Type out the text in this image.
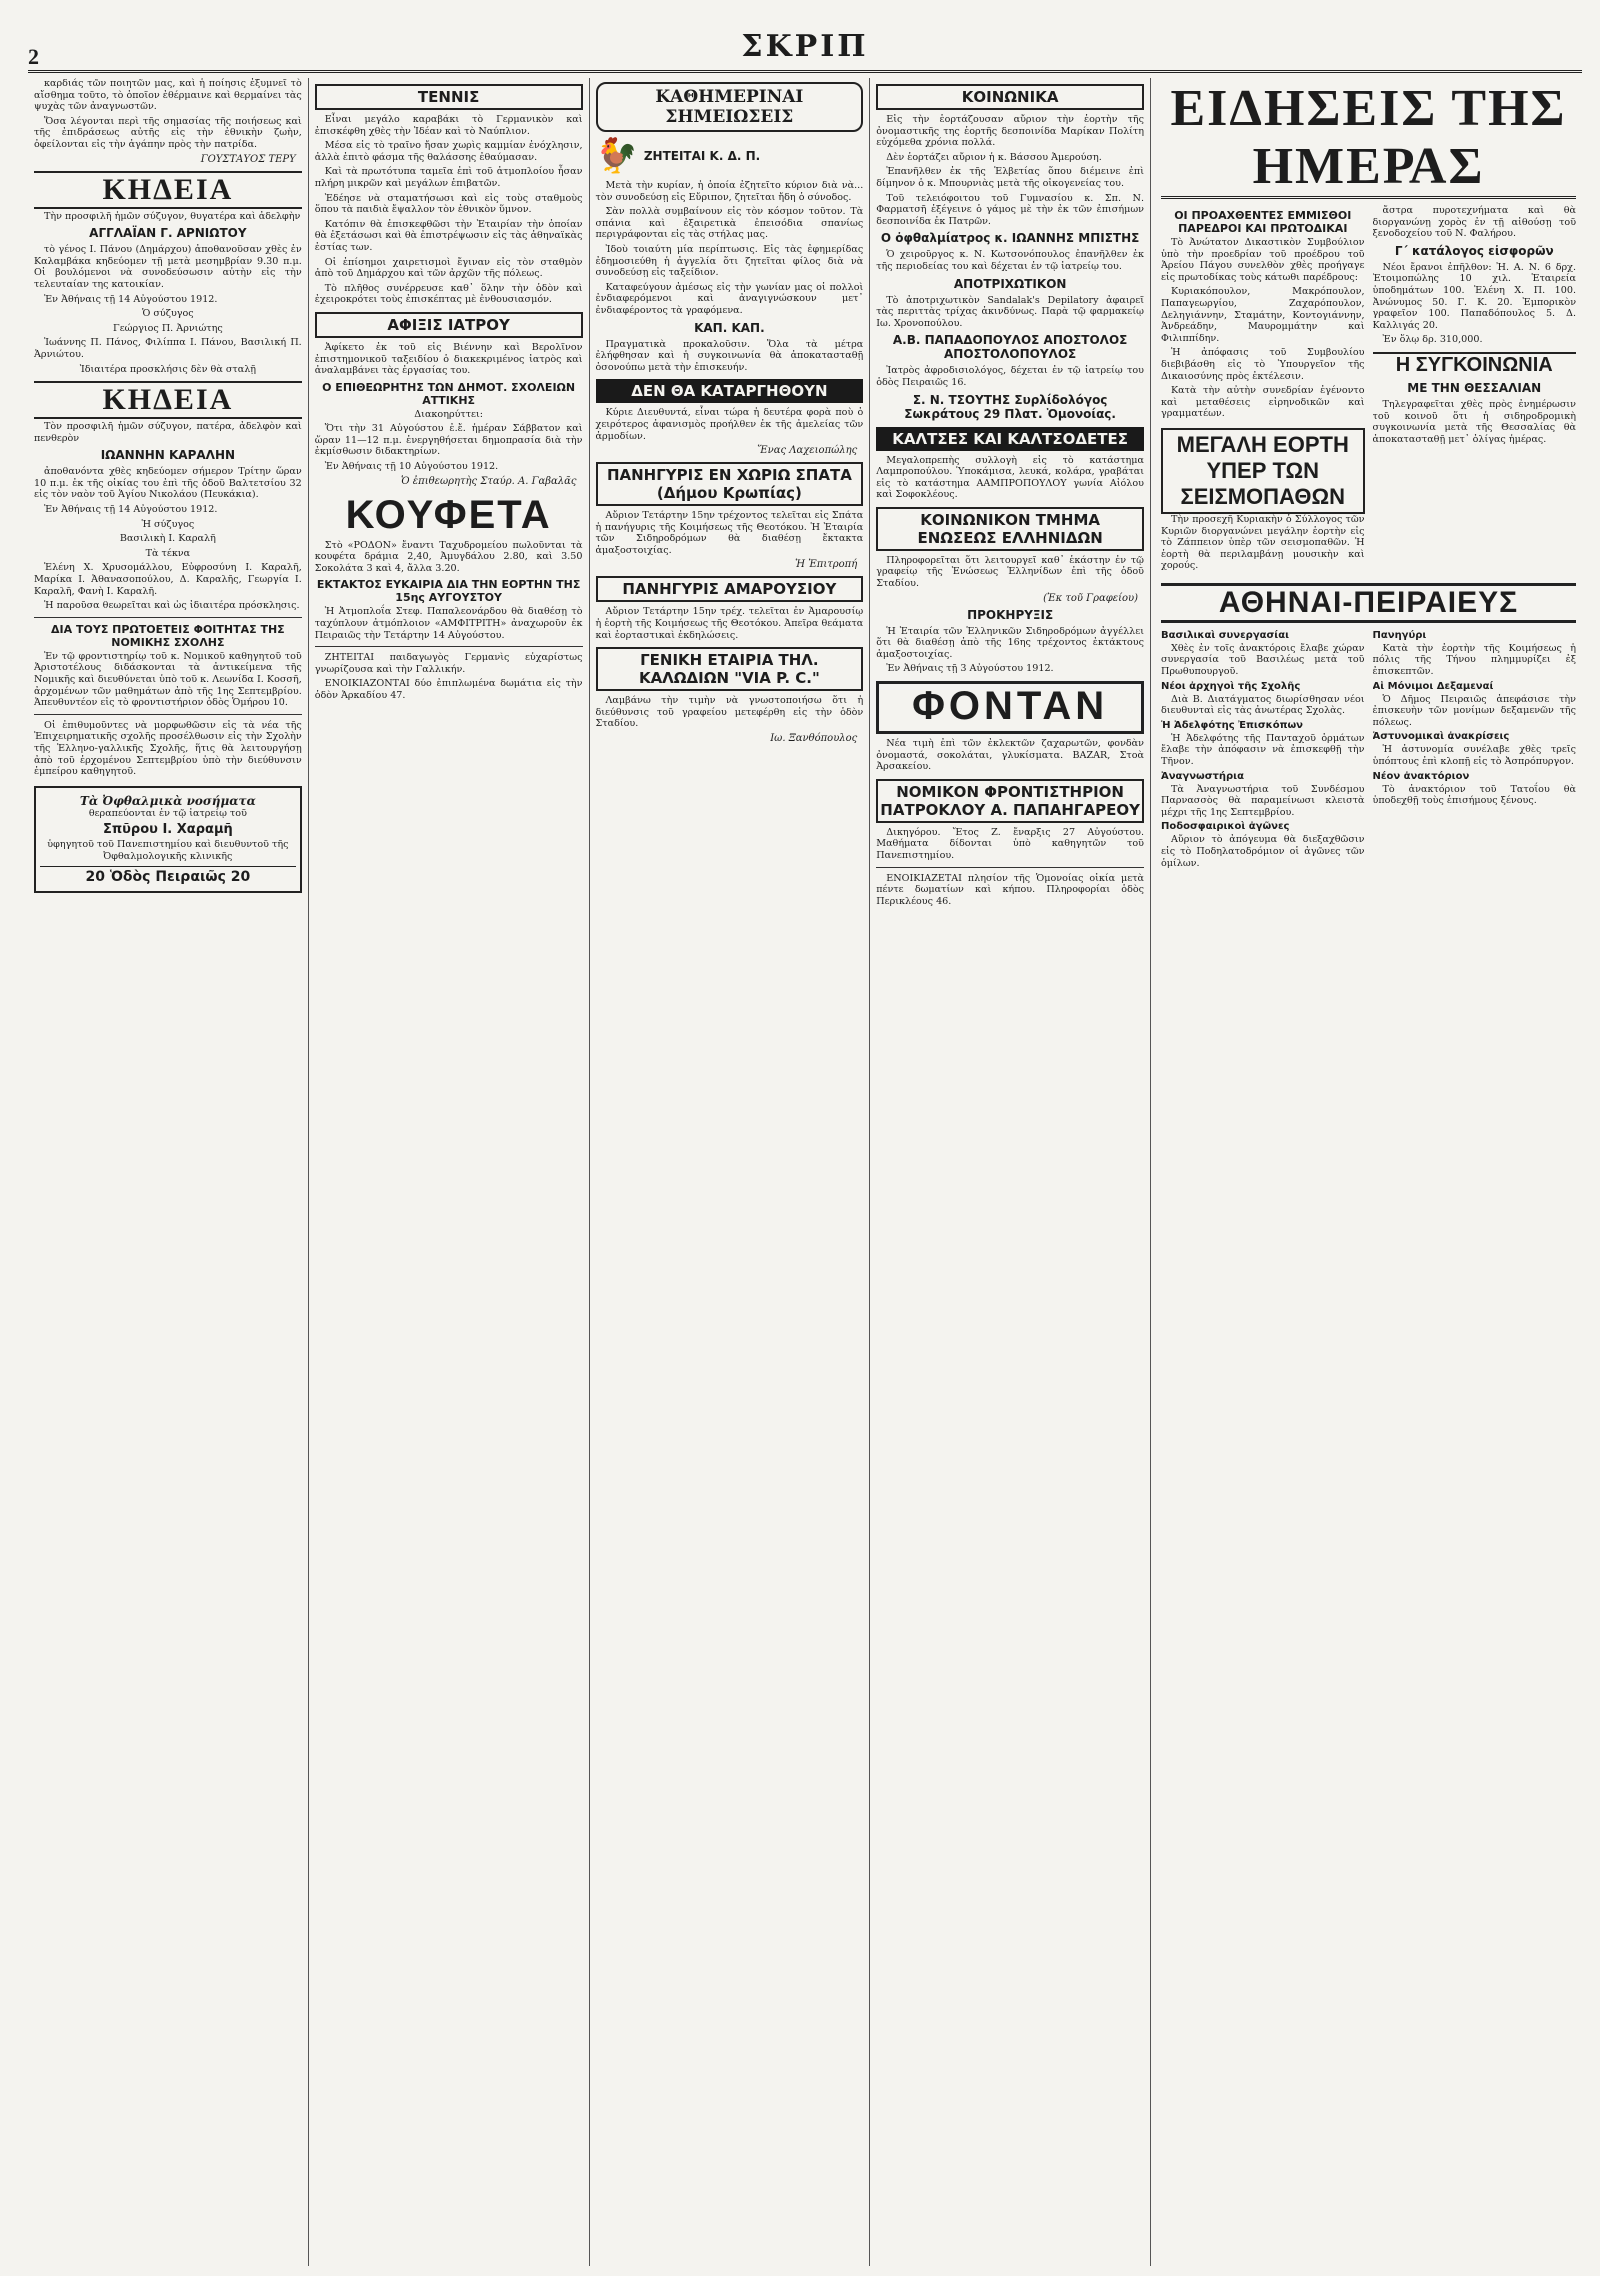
2	ΣΚΡΙΠ

καρδιάς τῶν ποιητῶν μας, καὶ ἡ ποίησις ἐξυμνεῖ τὸ αἴσθημα τοῦτο, τὸ ὁποῖον ἐθέρμαινε καὶ θερμαίνει τὰς ψυχὰς τῶν ἀναγνωστῶν.

Ὅσα λέγονται περὶ τῆς σημασίας τῆς ποιήσεως καὶ τῆς ἐπιδράσεως αὐτῆς εἰς τὴν ἐθνικὴν ζωὴν, ὀφείλονται εἰς τὴν ἀγάπην πρὸς τὴν πατρίδα.

ΓΟΥΣΤΑΥΟΣ ΤΕΡΥ
ΚΗΔΕΙΑ

Τὴν προσφιλῆ ἡμῶν σύζυγον, θυγατέρα καὶ ἀδελφὴν

ΑΓΓΛΑΪΑΝ Γ. ΑΡΝΙΩΤΟΥ

τὸ γένος Ι. Πάνου (Δημάρχου) ἀποθανοῦσαν χθὲς ἐν Καλαμβάκα κηδεύομεν τῇ μετὰ μεσημβρίαν 9.30 π.μ. Οἱ βουλόμενοι νὰ συνοδεύσωσιν αὐτὴν εἰς τὴν τελευταίαν της κατοικίαν.

Ἐν Ἀθήναις τῇ 14 Αὐγούστου 1912.

Ὁ σύζυγος

Γεώργιος Π. Ἀρνιώτης

Ἰωάννης Π. Πάνος, Φιλίππα Ι. Πάνου, Βασιλική Π. Ἀρνιώτου.

Ἰδιαιτέρα προσκλήσις δὲν θὰ σταλῇ

ΚΗΔΕΙΑ

Τὸν προσφιλῆ ἡμῶν σύζυγον, πατέρα, ἀδελφὸν καὶ πενθερὸν

ΙΩΑΝΝΗΝ ΚΑΡΑΛΗΝ

ἀποθανόντα χθὲς κηδεύομεν σήμερον Τρίτην ὥραν 10 π.μ. ἐκ τῆς οἰκίας του ἐπὶ τῆς ὁδοῦ Βαλτετσίου 32 εἰς τὸν ναὸν τοῦ Ἁγίου Νικολάου (Πευκάκια).

Ἐν Ἀθήναις τῇ 14 Αὐγούστου 1912.

Ἡ σύζυγος

Βασιλικὴ Ι. Καραλῆ

Τὰ τέκνα

Ἑλένη Χ. Χρυσομάλλου, Εὐφροσύνη Ι. Καραλῆ, Μαρίκα Ι. Ἀθανασοπούλου, Δ. Καραλῆς, Γεωργία Ι. Καραλῆ, Φανὴ Ι. Καραλῆ.

Ἡ παροῦσα θεωρεῖται καὶ ὡς ἰδιαιτέρα πρόσκλησις.

ΔΙΑ ΤΟΥΣ ΠΡΩΤΟΕΤΕΙΣ ΦΟΙΤΗΤΑΣ ΤΗΣ ΝΟΜΙΚΗΣ ΣΧΟΛΗΣ

Ἐν τῷ φροντιστηρίῳ τοῦ κ. Νομικοῦ καθηγητοῦ τοῦ Ἀριστοτέλους διδάσκονται τὰ ἀντικείμενα τῆς Νομικῆς καὶ διευθύνεται ὑπὸ τοῦ κ. Λεωνίδα Ι. Κοσσῆ, ἀρχομένων τῶν μαθημάτων ἀπὸ τῆς 1ης Σεπτεμβρίου. Ἀπευθυντέον εἰς τὸ φροντιστήριον ὁδὸς Ὁμήρου 10.

Οἱ ἐπιθυμοῦντες νὰ μορφωθῶσιν εἰς τὰ νέα τῆς Ἐπιχειρηματικῆς σχολῆς προσέλθωσιν εἰς τὴν Σχολὴν τῆς Ἑλληνο-γαλλικῆς Σχολῆς, ἥτις θὰ λειτουργήσῃ ἀπὸ τοῦ ἐρχομένου Σεπτεμβρίου ὑπὸ τὴν διεύθυνσιν ἐμπείρου καθηγητοῦ.

Τὰ Ὀφθαλμικὰ νοσήματα

θεραπεύονται ἐν τῷ ἰατρείῳ τοῦ

Σπῦρου Ι. Χαραμῆ

ὑφηγητοῦ τοῦ Πανεπιστημίου καὶ διευθυντοῦ τῆς Ὀφθαλμολογικῆς κλινικῆς

20 Ὁδὸς Πειραιῶς 20
ΤΕΝΝΙΣ

Εἶναι μεγάλο καραβάκι τὸ Γερμανικὸν καὶ ἐπισκέφθη χθὲς τὴν Ἰδέαν καὶ τὸ Ναύπλιον.

Μέσα εἰς τὸ τραῖνο ἤσαν χωρὶς καμμίαν ἐνόχλησιν, ἀλλὰ ἐπιτὸ φάσμα τῆς θαλάσσης ἐθαύμασαν.

Καὶ τὰ πρωτότυπα ταμεῖα ἐπὶ τοῦ ἀτμοπλοίου ἦσαν πλήρη μικρῶν καὶ μεγάλων ἐπιβατῶν.

Ἐδέησε νὰ σταματήσωσι καὶ εἰς τοὺς σταθμοὺς ὅπου τὰ παιδιὰ ἔψαλλον τὸν ἐθνικὸν ὕμνον.

Κατόπιν θὰ ἐπισκεφθῶσι τὴν Ἐταιρίαν τὴν ὁποίαν θὰ ἐξετάσωσι καὶ θὰ ἐπιστρέψωσιν εἰς τὰς ἀθηναϊκὰς ἑστίας των.

Οἱ ἐπίσημοι χαιρετισμοὶ ἔγιναν εἰς τὸν σταθμὸν ἀπὸ τοῦ Δημάρχου καὶ τῶν ἀρχῶν τῆς πόλεως.

Τὸ πλῆθος συνέρρευσε καθ᾽ ὅλην τὴν ὁδὸν καὶ ἐχειροκρότει τοὺς ἐπισκέπτας μὲ ἐνθουσιασμόν.

ΑΦΙΞΙΣ ΙΑΤΡΟΥ

Ἀφίκετο ἐκ τοῦ εἰς Βιέννην καὶ Βερολῖνον ἐπιστημονικοῦ ταξειδίου ὁ διακεκριμένος ἰατρὸς καὶ ἀναλαμβάνει τὰς ἐργασίας του.

Ο ΕΠΙΘΕΩΡΗΤΗΣ ΤΩΝ ΔΗΜΟΤ. ΣΧΟΛΕΙΩΝ ΑΤΤΙΚΗΣ

Διακοηρύττει:

Ὅτι τὴν 31 Αὐγούστου ἐ.ἔ. ἡμέραν Σάββατον καὶ ὥραν 11—12 π.μ. ἐνεργηθήσεται δημοπρασία διὰ τὴν ἐκμίσθωσιν διδακτηρίων.

Ἐν Ἀθήναις τῇ 10 Αὐγούστου 1912.

Ὁ ἐπιθεωρητὴς Σταύρ. Α. Γαβαλᾶς
ΚΟΥΦΕΤΑ

Στὸ «ΡΟΔΟΝ» ἔναντι Ταχυδρομείου πωλοῦνται τὰ κουφέτα δράμια 2,40, Ἀμυγδάλου 2.80, καὶ 3.50 Σοκολάτα 3 καὶ 4, ἄλλα 3.20.

ΕΚΤΑΚΤΟΣ ΕΥΚΑΙΡΙΑ ΔΙΑ ΤΗΝ ΕΟΡΤΗΝ ΤΗΣ 15ης ΑΥΓΟΥΣΤΟΥ

Ἡ Ἀτμοπλοΐα Στεφ. Παπαλεονάρδου θὰ διαθέσῃ τὸ ταχύπλουν ἀτμόπλοιον «ΑΜΦΙΤΡΙΤΗ» ἀναχωροῦν ἐκ Πειραιῶς τὴν Τετάρτην 14 Αὐγούστου.

ΖΗΤΕΙΤΑΙ παιδαγωγὸς Γερμανὶς εὐχαρίστως γνωρίζουσα καὶ τὴν Γαλλικήν.

ΕΝΟΙΚΙΑΖΟΝΤΑΙ δύο ἐπιπλωμένα δωμάτια εἰς τὴν ὁδὸν Ἀρκαδίου 47.

ΚΑΘΗΜΕΡΙΝΑΙ ΣΗΜΕΙΩΣΕΙΣ
🐓 ΖΗΤΕΙΤΑΙ Κ. Δ. Π.

Μετὰ τὴν κυρίαν, ἡ ὁποία ἐζητεῖτο κύριον διὰ νὰ... τὸν συνοδεύσῃ εἰς Εὔριπον, ζητεῖται ἤδη ὁ σύνοδος.

Σὰν πολλὰ συμβαίνουν εἰς τὸν κόσμον τοῦτον. Τὰ σπάνια καὶ ἐξαιρετικὰ ἐπεισόδια σπανίως περιγράφονται εἰς τὰς στήλας μας.

Ἰδοὺ τοιαύτη μία περίπτωσις. Εἰς τὰς ἐφημερίδας ἐδημοσιεύθη ἡ ἀγγελία ὅτι ζητεῖται φίλος διὰ νὰ συνοδεύσῃ εἰς ταξείδιον.

Καταφεύγουν ἀμέσως εἰς τὴν γωνίαν μας οἱ πολλοὶ ἐνδιαφερόμενοι καὶ ἀναγιγνώσκουν μετ᾽ ἐνδιαφέροντος τὰ γραφόμενα.

ΚΑΠ. ΚΑΠ.

Πραγματικὰ προκαλοῦσιν. Ὅλα τὰ μέτρα ἐλήφθησαν καὶ ἡ συγκοινωνία θὰ ἀποκατασταθῇ ὁσονούπω μετὰ τὴν ἐπισκευήν.

ΔΕΝ ΘΑ ΚΑΤΑΡΓΗΘΟΥΝ

Κύριε Διευθυντά, εἶναι τώρα ἡ δευτέρα φορὰ ποὺ ὁ χειρότερος ἀφανισμὸς προήλθεν ἐκ τῆς ἀμελείας τῶν ἁρμοδίων.

Ἕνας Λαχειοπώλης
ΠΑΝΗΓΥΡΙΣ ΕΝ ΧΩΡΙΩ ΣΠΑΤΑ (Δήμου Κρωπίας)

Αὔριον Τετάρτην 15ην τρέχοντος τελεῖται εἰς Σπάτα ἡ πανήγυρις τῆς Κοιμήσεως τῆς Θεοτόκου. Ἡ Ἐταιρία τῶν Σιδηροδρόμων θὰ διαθέσῃ ἔκτακτα ἁμαξοστοιχίας.

Ἡ Ἐπιτροπή
ΠΑΝΗΓΥΡΙΣ ΑΜΑΡΟΥΣΙΟΥ

Αὔριον Τετάρτην 15ην τρέχ. τελεῖται ἐν Ἀμαρουσίῳ ἡ ἑορτὴ τῆς Κοιμήσεως τῆς Θεοτόκου. Ἀπεῖρα θεάματα καὶ ἑορταστικαὶ ἐκδηλώσεις.

ΓΕΝΙΚΗ ΕΤΑΙΡΙΑ ΤΗΛ. ΚΑΛΩΔΙΩΝ "VIA P. C."

Λαμβάνω τὴν τιμὴν νὰ γνωστοποιήσω ὅτι ἡ διεύθυνσις τοῦ γραφείου μετεφέρθη εἰς τὴν ὁδὸν Σταδίου.

Ιω. Ξανθόπουλος
ΚΟΙΝΩΝΙΚΑ

Εἰς τὴν ἑορτάζουσαν αὔριον τὴν ἑορτὴν τῆς ὀνομαστικῆς της ἑορτῆς δεσποινίδα Μαρίκαν Πολίτη εὐχόμεθα χρόνια πολλά.

Δὲν ἑορτάζει αὔριον ἡ κ. Βάσσου Ἀμερούση.

Ἐπανῆλθεν ἐκ τῆς Ἑλβετίας ὅπου διέμεινε ἐπὶ δίμηνον ὁ κ. Μπουρνιὰς μετὰ τῆς οἰκογενείας του.

Τοῦ τελειόφοιτου τοῦ Γυμνασίου κ. Σπ. Ν. Φαρματσῆ ἐξέγεινε ὁ γάμος μὲ τὴν ἐκ τῶν ἐπισήμων δεσποινίδα ἐκ Πατρῶν.

Ο ὀφθαλμίατρος κ. ΙΩΑΝΝΗΣ ΜΠΙΣΤΗΣ

Ὁ χειροῦργος κ. Ν. Κωτσονόπουλος ἐπανῆλθεν ἐκ τῆς περιοδείας του καὶ δέχεται ἐν τῷ ἰατρείῳ του.

ΑΠΟΤΡΙΧΩΤΙΚΟΝ

Τὸ ἀποτριχωτικὸν Sandalak's Depilatory ἀφαιρεῖ τὰς περιττὰς τρίχας ἀκινδύνως. Παρὰ τῷ φαρμακείῳ Ιω. Χρονοπούλου.

Α.Β. ΠΑΠΑΔΟΠΟΥΛΟΣ ΑΠΟΣΤΟΛΟΣ ΑΠΟΣΤΟΛΟΠΟΥΛΟΣ

Ἰατρὸς ἀφροδισιολόγος, δέχεται ἐν τῷ ἰατρείῳ του ὁδὸς Πειραιῶς 16.

Σ. Ν. ΤΣΟΥΤΗΣ Συρλίδολόγος Σωκράτους 29 Πλατ. Ὁμονοίας.
ΚΑΛΤΣΕΣ ΚΑΙ ΚΑΛΤΣΟΔΕΤΕΣ

Μεγαλοπρεπὴς συλλογὴ εἰς τὸ κατάστημα Λαμπροπούλου. Ὑποκάμισα, λευκά, κολάρα, γραβάται εἰς τὸ κατάστημα ΑΑΜΠΡΟΠΟΥΛΟΥ γωνία Αἰόλου καὶ Σοφοκλέους.

ΚΟΙΝΩΝΙΚΟΝ ΤΜΗΜΑ ΕΝΩΣΕΩΣ ΕΛΛΗΝΙΔΩΝ

Πληροφορεῖται ὅτι λειτουργεῖ καθ᾽ ἑκάστην ἐν τῷ γραφείῳ τῆς Ἑνώσεως Ἑλληνίδων ἐπὶ τῆς ὁδοῦ Σταδίου.

(Ἐκ τοῦ Γραφείου)
ΠΡΟΚΗΡΥΞΙΣ

Ἡ Ἑταιρία τῶν Ἑλληνικῶν Σιδηροδρόμων ἀγγέλλει ὅτι θὰ διαθέσῃ ἀπὸ τῆς 16ης τρέχοντος ἐκτάκτους ἁμαξοστοιχίας.

Ἐν Ἀθήναις τῇ 3 Αὐγούστου 1912.

ΦΟΝΤΑΝ

Νέα τιμὴ ἐπὶ τῶν ἐκλεκτῶν ζαχαρωτῶν, φονδὰν ὀνομαστά, σοκολάται, γλυκίσματα. BAZAR, Στοὰ Ἀρσακείου.

ΝΟΜΙΚΟΝ ΦΡΟΝΤΙΣΤΗΡΙΟΝ ΠΑΤΡΟΚΛΟΥ Α. ΠΑΠΑΗΓΑΡΕΟΥ

Δικηγόρου. Ἔτος Ζ. ἔναρξις 27 Αὐγούστου. Μαθήματα δίδονται ὑπὸ καθηγητῶν τοῦ Πανεπιστημίου.

ΕΝΟΙΚΙΑΖΕΤΑΙ πλησίον τῆς Ὁμονοίας οἰκία μετὰ πέντε δωματίων καὶ κήπου. Πληροφορίαι ὁδὸς Περικλέους 46.

ΕΙΔΗΣΕΙΣ ΤΗΣ ΗΜΕΡΑΣ
ΟΙ ΠΡΟΑΧΘΕΝΤΕΣ ΕΜΜΙΣΘΟΙ ΠΑΡΕΔΡΟΙ ΚΑΙ ΠΡΩΤΟΔΙΚΑΙ

Τὸ Ἀνώτατον Δικαστικὸν Συμβούλιον ὑπὸ τὴν προεδρίαν τοῦ προέδρου τοῦ Ἀρείου Πάγου συνελθὸν χθὲς προήγαγε εἰς πρωτοδίκας τοὺς κάτωθι παρέδρους:

Κυριακόπουλον, Μακρόπουλον, Παπαγεωργίου, Ζαχαρόπουλον, Δεληγιάννην, Σταμάτην, Κοντογιάννην, Ἀνδρεάδην, Μαυρομμάτην καὶ Φιλιππίδην.

Ἡ ἀπόφασις τοῦ Συμβουλίου διεβιβάσθη εἰς τὸ Ὑπουργεῖον τῆς Δικαιοσύνης πρὸς ἐκτέλεσιν.

Κατὰ τὴν αὐτὴν συνεδρίαν ἐγένοντο καὶ μεταθέσεις εἰρηνοδικῶν καὶ γραμματέων.

ΜΕΓΑΛΗ ΕΟΡΤΗ ΥΠΕΡ ΤΩΝ ΣΕΙΣΜΟΠΑΘΩΝ

Τὴν προσεχῆ Κυριακὴν ὁ Σύλλογος τῶν Κυριῶν διοργανώνει μεγάλην ἑορτὴν εἰς τὸ Ζάππειον ὑπὲρ τῶν σεισμοπαθῶν. Ἡ ἑορτὴ θὰ περιλαμβάνῃ μουσικὴν καὶ χορούς.

ἄστρα πυροτεχνήματα καὶ θὰ διοργανώνῃ χορὸς ἐν τῇ αἰθούσῃ τοῦ ξενοδοχείου τοῦ Ν. Φαλήρου.

Γ΄ κατάλογος εἰσφορῶν

Νέοι ἔρανοι ἐπῆλθον: Ἠ. Α. Ν. 6 δρχ. Ἐτοιμοπώλης 10 χιλ. Ἑταιρεία ὑποδημάτων 100. Ἐλένη Χ. Π. 100. Ἀνώνυμος 50. Γ. Κ. 20. Ἐμπορικὸν γραφεῖον 100. Παπαδόπουλος 5. Δ. Καλλιγάς 20.

Ἐν ὅλῳ δρ. 310,000.

Η ΣΥΓΚΟΙΝΩΝΙΑ
ΜΕ ΤΗΝ ΘΕΣΣΑΛΙΑΝ

Τηλεγραφεῖται χθὲς πρὸς ἐνημέρωσιν τοῦ κοινοῦ ὅτι ἡ σιδηροδρομικὴ συγκοινωνία μετὰ τῆς Θεσσαλίας θὰ ἀποκατασταθῇ μετ᾽ ὀλίγας ἡμέρας.

ΑΘΗΝΑΙ-ΠΕΙΡΑΙΕΥΣ
Βασιλικαὶ συνεργασίαι

Χθὲς ἐν τοῖς ἀνακτόροις ἔλαβε χώραν συνεργασία τοῦ Βασιλέως μετὰ τοῦ Πρωθυπουργοῦ.

Νέοι ἀρχηγοὶ τῆς Σχολῆς

Διὰ Β. Διατάγματος διωρίσθησαν νέοι διευθυνταὶ εἰς τὰς ἀνωτέρας Σχολὰς.

Ἡ Ἀδελφότης Ἐπισκόπων

Ἡ Ἀδελφότης τῆς Πανταχοῦ ὁρμάτων ἔλαβε τὴν ἀπόφασιν νὰ ἐπισκεφθῇ τὴν Τῆνον.

Ἀναγνωστήρια

Τὰ Ἀναγνωστήρια τοῦ Συνδέσμου Παρνασσὸς θὰ παραμείνωσι κλειστὰ μέχρι τῆς 1ης Σεπτεμβρίου.

Ποδοσφαιρικοὶ ἀγῶνες

Αὔριον τὸ ἀπόγευμα θὰ διεξαχθῶσιν εἰς τὸ Ποδηλατοδρόμιον οἱ ἀγῶνες τῶν ὁμίλων.

Πανηγύρι

Κατὰ τὴν ἑορτὴν τῆς Κοιμήσεως ἡ πόλις τῆς Τήνου πλημμυρίζει ἐξ ἐπισκεπτῶν.

Αἱ Μόνιμοι Δεξαμεναί

Ὁ Δῆμος Πειραιῶς ἀπεφάσισε τὴν ἐπισκευὴν τῶν μονίμων δεξαμενῶν τῆς πόλεως.

Ἀστυνομικαὶ ἀνακρίσεις

Ἡ ἀστυνομία συνέλαβε χθὲς τρεῖς ὑπόπτους ἐπὶ κλοπῇ εἰς τὸ Ἀσπρόπυργον.

Νέον ἀνακτόριον

Τὸ ἀνακτόριον τοῦ Τατοΐου θὰ ὑποδεχθῇ τοὺς ἐπισήμους ξένους.
